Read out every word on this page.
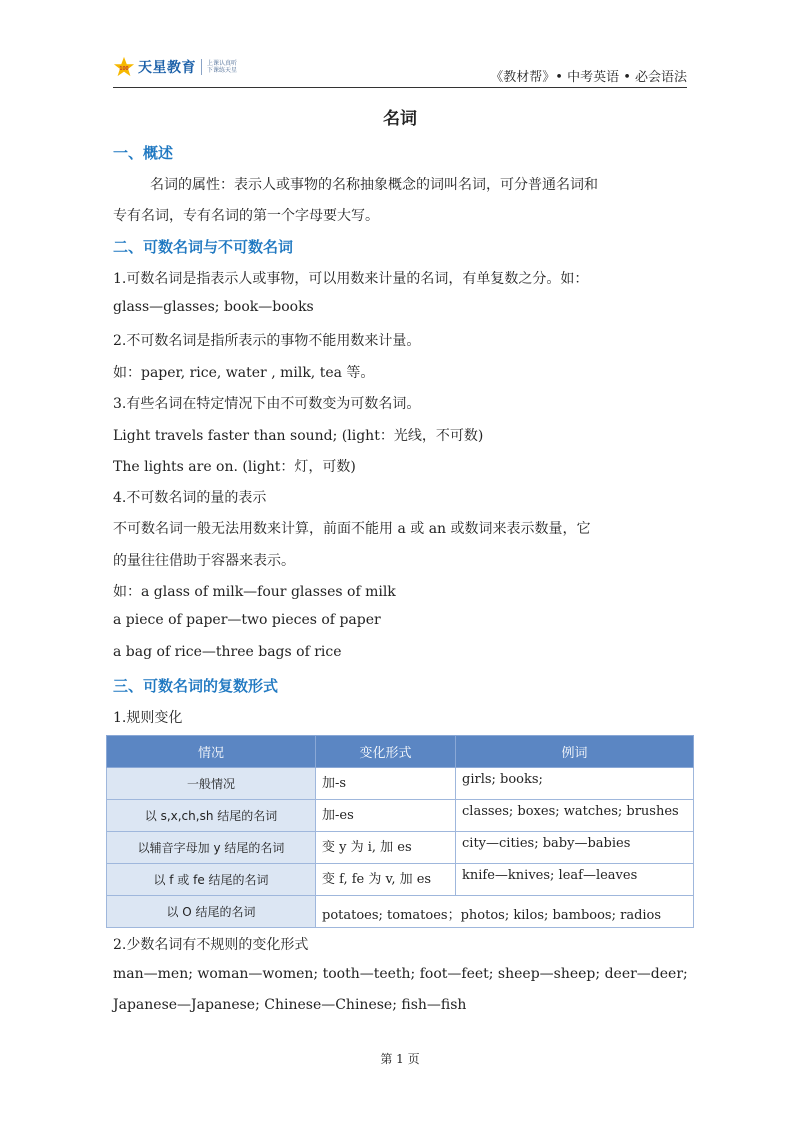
100 天星教育 上课认真听
下课练天星	《教材帮》• 中考英语 • 必会语法
名词
一、概述
名词的属性：表示人或事物的名称抽象概念的词叫名词，可分普通名词和
专有名词，专有名词的第一个字母要大写。
二、可数名词与不可数名词
1.可数名词是指表示人或事物，可以用数来计量的名词，有单复数之分。如：
glass—glasses; book—books
2.不可数名词是指所表示的事物不能用数来计量。
如：paper, rice, water , milk, tea 等。
3.有些名词在特定情况下由不可数变为可数名词。
Light travels faster than sound; (light：光线，不可数)
The lights are on. (light：灯，可数)
4.不可数名词的量的表示
不可数名词一般无法用数来计算，前面不能用 a 或 an 或数词来表示数量，它
的量往往借助于容器来表示。
如：a glass of milk—four glasses of milk
a piece of paper—two pieces of paper
a bag of rice—three bags of rice
三、可数名词的复数形式
1.规则变化
情况	变化形式	例词
一般情况	加-s	girls; books;
以 s,x,ch,sh 结尾的名词	加-es	classes; boxes; watches; brushes
以辅音字母加 y 结尾的名词	变 y 为 i, 加 es	city—cities; baby—babies
以 f 或 fe 结尾的名词	变 f, fe 为 v, 加 es	knife—knives; leaf—leaves
以 O 结尾的名词	potatoes; tomatoes；photos; kilos; bamboos; radios	
2.少数名词有不规则的变化形式
man—men; woman—women; tooth—teeth; foot—feet; sheep—sheep; deer—deer;
Japanese—Japanese; Chinese—Chinese; fish—fish
第 1 页
